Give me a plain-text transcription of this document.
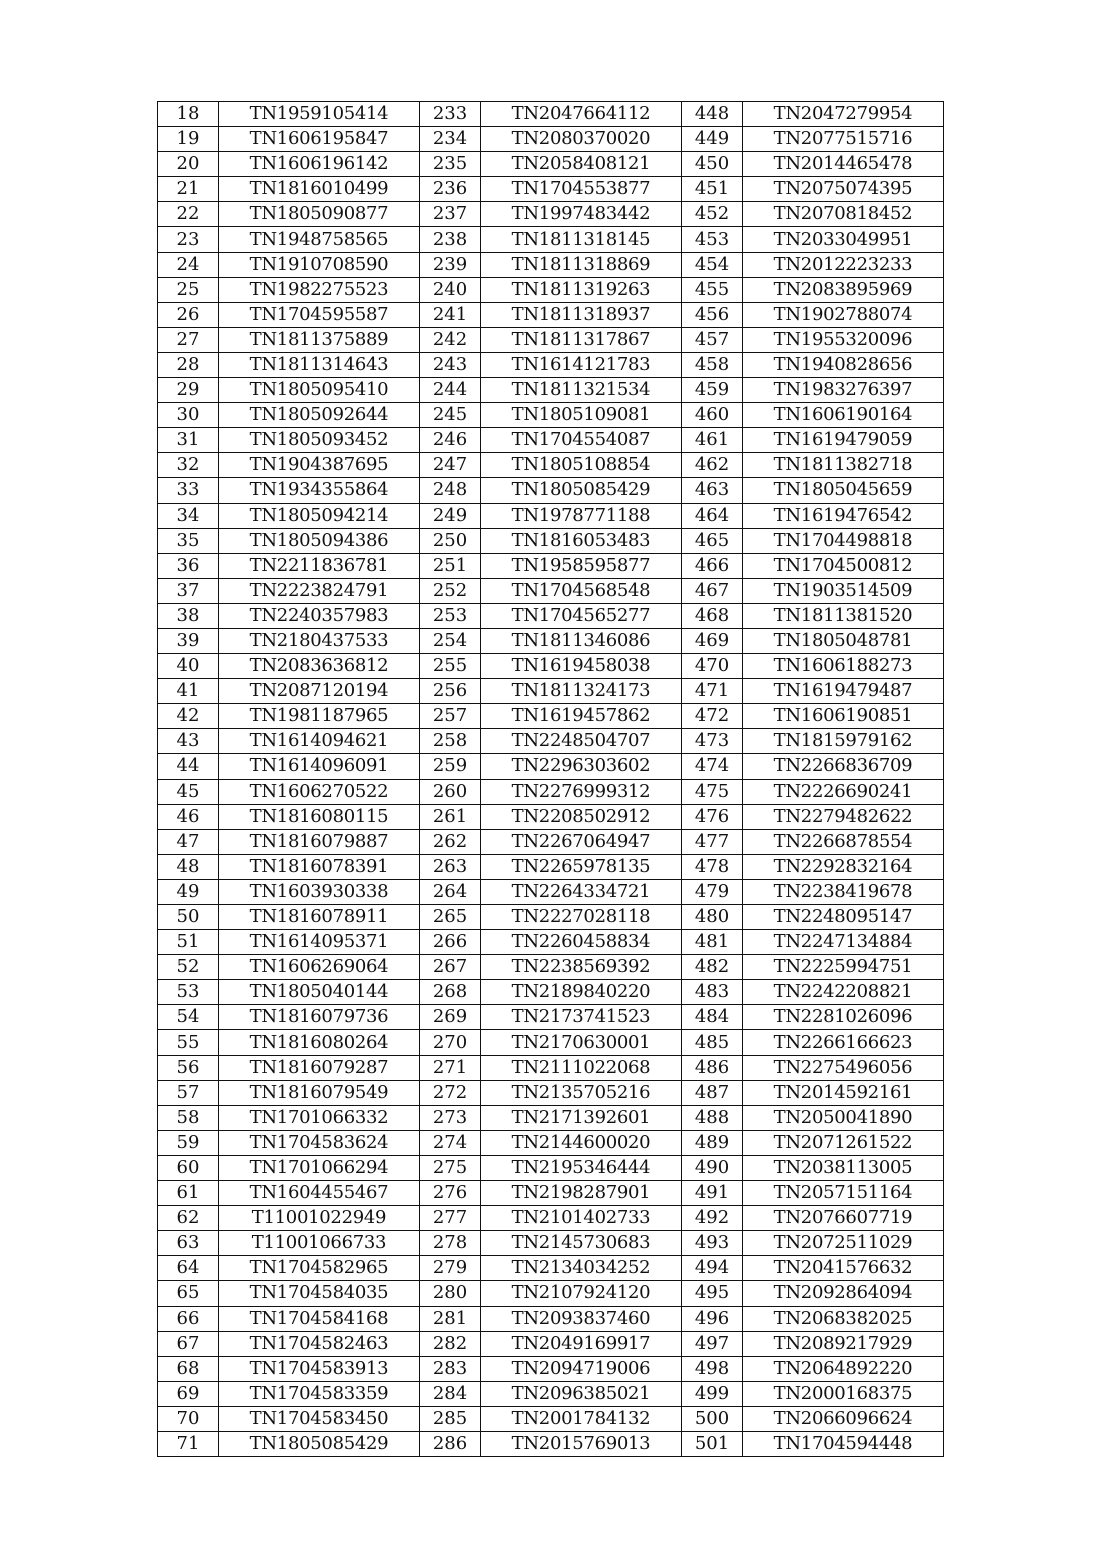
18	TN1959105414	233	TN2047664112	448	TN2047279954
19	TN1606195847	234	TN2080370020	449	TN2077515716
20	TN1606196142	235	TN2058408121	450	TN2014465478
21	TN1816010499	236	TN1704553877	451	TN2075074395
22	TN1805090877	237	TN1997483442	452	TN2070818452
23	TN1948758565	238	TN1811318145	453	TN2033049951
24	TN1910708590	239	TN1811318869	454	TN2012223233
25	TN1982275523	240	TN1811319263	455	TN2083895969
26	TN1704595587	241	TN1811318937	456	TN1902788074
27	TN1811375889	242	TN1811317867	457	TN1955320096
28	TN1811314643	243	TN1614121783	458	TN1940828656
29	TN1805095410	244	TN1811321534	459	TN1983276397
30	TN1805092644	245	TN1805109081	460	TN1606190164
31	TN1805093452	246	TN1704554087	461	TN1619479059
32	TN1904387695	247	TN1805108854	462	TN1811382718
33	TN1934355864	248	TN1805085429	463	TN1805045659
34	TN1805094214	249	TN1978771188	464	TN1619476542
35	TN1805094386	250	TN1816053483	465	TN1704498818
36	TN2211836781	251	TN1958595877	466	TN1704500812
37	TN2223824791	252	TN1704568548	467	TN1903514509
38	TN2240357983	253	TN1704565277	468	TN1811381520
39	TN2180437533	254	TN1811346086	469	TN1805048781
40	TN2083636812	255	TN1619458038	470	TN1606188273
41	TN2087120194	256	TN1811324173	471	TN1619479487
42	TN1981187965	257	TN1619457862	472	TN1606190851
43	TN1614094621	258	TN2248504707	473	TN1815979162
44	TN1614096091	259	TN2296303602	474	TN2266836709
45	TN1606270522	260	TN2276999312	475	TN2226690241
46	TN1816080115	261	TN2208502912	476	TN2279482622
47	TN1816079887	262	TN2267064947	477	TN2266878554
48	TN1816078391	263	TN2265978135	478	TN2292832164
49	TN1603930338	264	TN2264334721	479	TN2238419678
50	TN1816078911	265	TN2227028118	480	TN2248095147
51	TN1614095371	266	TN2260458834	481	TN2247134884
52	TN1606269064	267	TN2238569392	482	TN2225994751
53	TN1805040144	268	TN2189840220	483	TN2242208821
54	TN1816079736	269	TN2173741523	484	TN2281026096
55	TN1816080264	270	TN2170630001	485	TN2266166623
56	TN1816079287	271	TN2111022068	486	TN2275496056
57	TN1816079549	272	TN2135705216	487	TN2014592161
58	TN1701066332	273	TN2171392601	488	TN2050041890
59	TN1704583624	274	TN2144600020	489	TN2071261522
60	TN1701066294	275	TN2195346444	490	TN2038113005
61	TN1604455467	276	TN2198287901	491	TN2057151164
62	T11001022949	277	TN2101402733	492	TN2076607719
63	T11001066733	278	TN2145730683	493	TN2072511029
64	TN1704582965	279	TN2134034252	494	TN2041576632
65	TN1704584035	280	TN2107924120	495	TN2092864094
66	TN1704584168	281	TN2093837460	496	TN2068382025
67	TN1704582463	282	TN2049169917	497	TN2089217929
68	TN1704583913	283	TN2094719006	498	TN2064892220
69	TN1704583359	284	TN2096385021	499	TN2000168375
70	TN1704583450	285	TN2001784132	500	TN2066096624
71	TN1805085429	286	TN2015769013	501	TN1704594448
